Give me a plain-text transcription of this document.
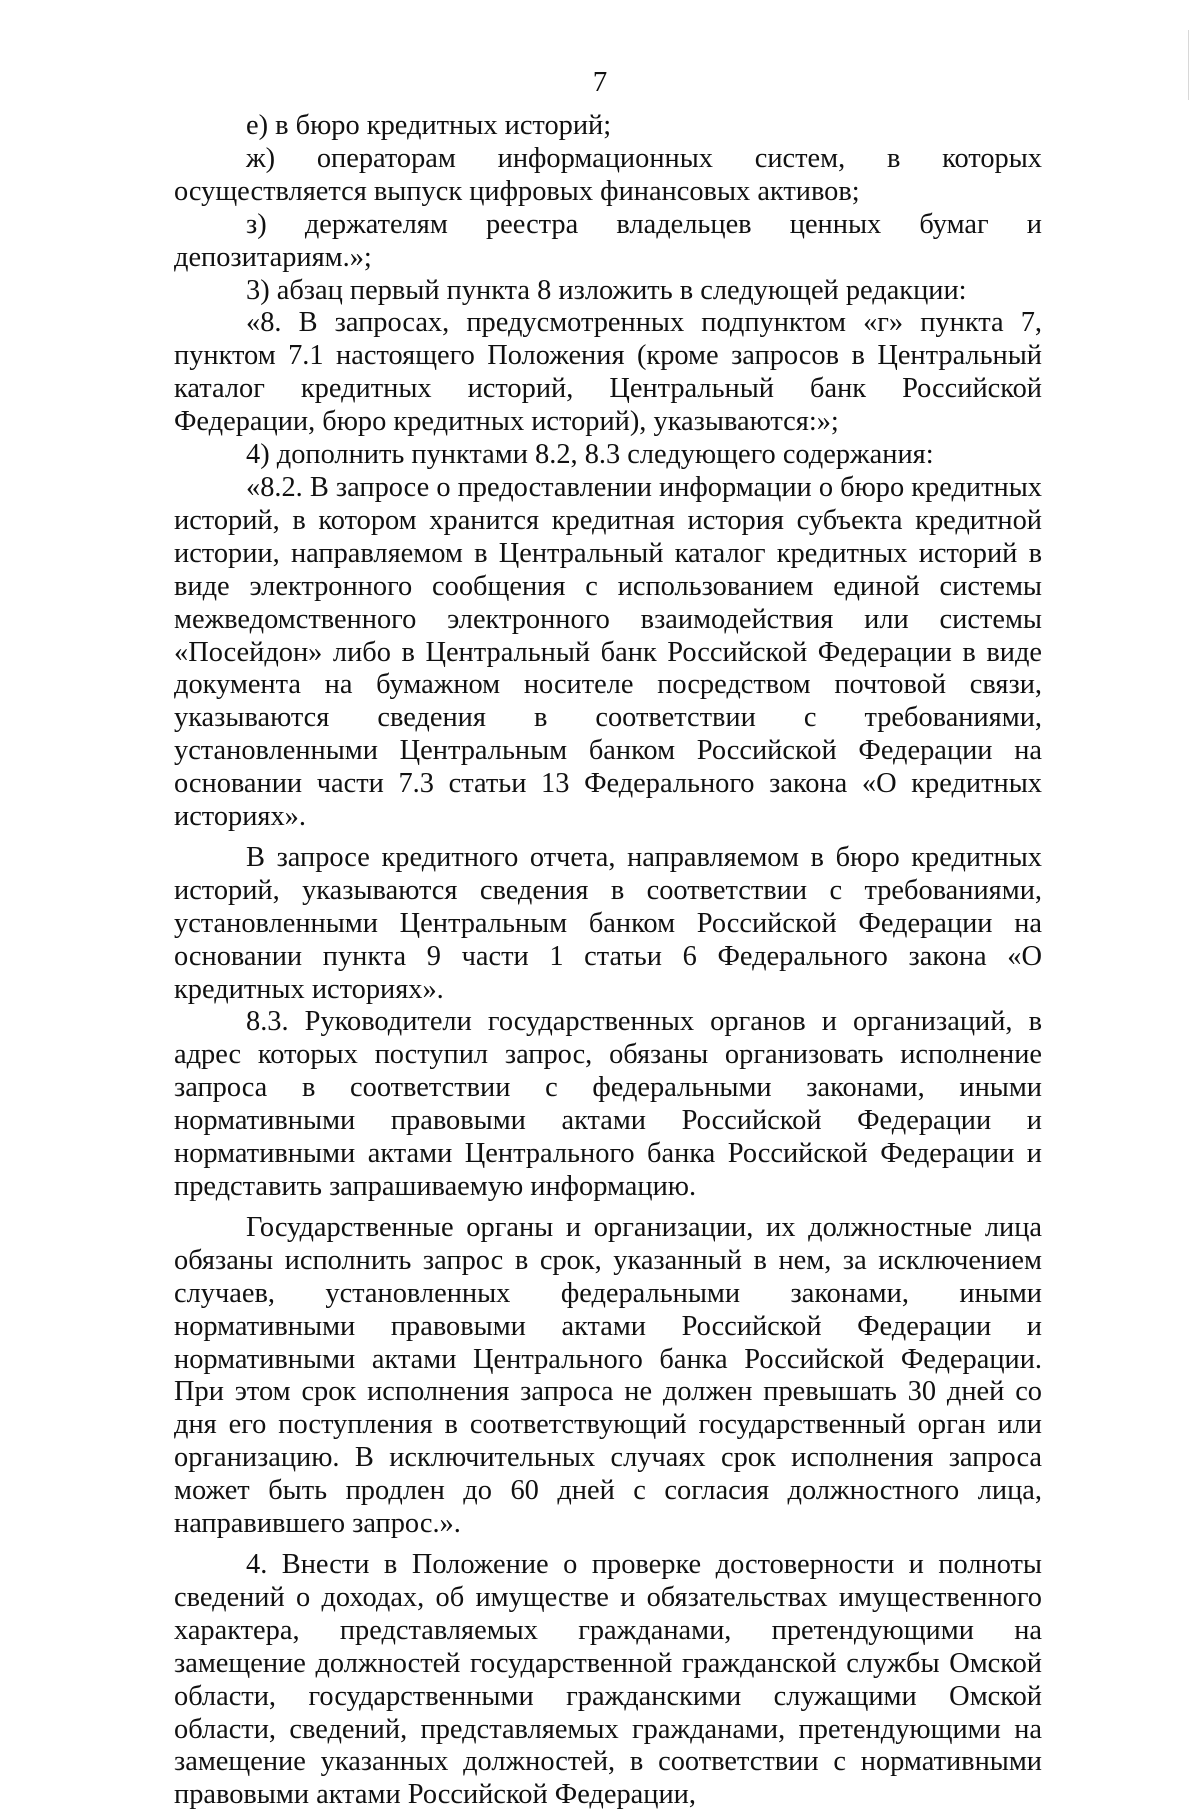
7

е) в бюро кредитных историй;

ж) операторам информационных систем, в которых осуществляется выпуск цифровых финансовых активов;

з) держателям реестра владельцев ценных бумаг и депозитариям.»;

3) абзац первый пункта 8 изложить в следующей редакции:

«8. В запросах, предусмотренных подпунктом «г» пункта 7, пунктом 7.1 настоящего Положения (кроме запросов в Центральный каталог кредитных историй, Центральный банк Российской Федерации, бюро кредитных историй), указываются:»;

4) дополнить пунктами 8.2, 8.3 следующего содержания:

«8.2. В запросе о предоставлении информации о бюро кредитных историй, в котором хранится кредитная история субъекта кредитной истории, направляемом в Центральный каталог кредитных историй в виде электронного сообщения с использованием единой системы межведомственного электронного взаимодействия или системы «Посейдон» либо в Центральный банк Российской Федерации в виде документа на бумажном носителе посредством почтовой связи, указываются сведения в соответствии с требованиями, установленными Центральным банком Российской Федерации на основании части 7.3 статьи 13 Федерального закона «О кредитных историях».

В запросе кредитного отчета, направляемом в бюро кредитных историй, указываются сведения в соответствии с требованиями, установленными Центральным банком Российской Федерации на основании пункта 9 части 1 статьи 6 Федерального закона «О кредитных историях».

8.3. Руководители государственных органов и организаций, в адрес которых поступил запрос, обязаны организовать исполнение запроса в соответствии с федеральными законами, иными нормативными правовыми актами Российской Федерации и нормативными актами Центрального банка Российской Федерации и представить запрашиваемую информацию.

Государственные органы и организации, их должностные лица обязаны исполнить запрос в срок, указанный в нем, за исключением случаев, установленных федеральными законами, иными нормативными правовыми актами Российской Федерации и нормативными актами Центрального банка Российской Федерации. При этом срок исполнения запроса не должен превышать 30 дней со дня его поступления в соответствующий государственный орган или организацию. В исключительных случаях срок исполнения запроса может быть продлен до 60 дней с согласия должностного лица, направившего запрос.».

4. Внести в Положение о проверке достоверности и полноты сведений о доходах, об имуществе и обязательствах имущественного характера, представляемых гражданами, претендующими на замещение должностей государственной гражданской службы Омской области, государственными гражданскими служащими Омской области, сведений, представляемых гражданами, претендующими на замещение указанных должностей, в соответствии с нормативными правовыми актами Российской Федерации,
